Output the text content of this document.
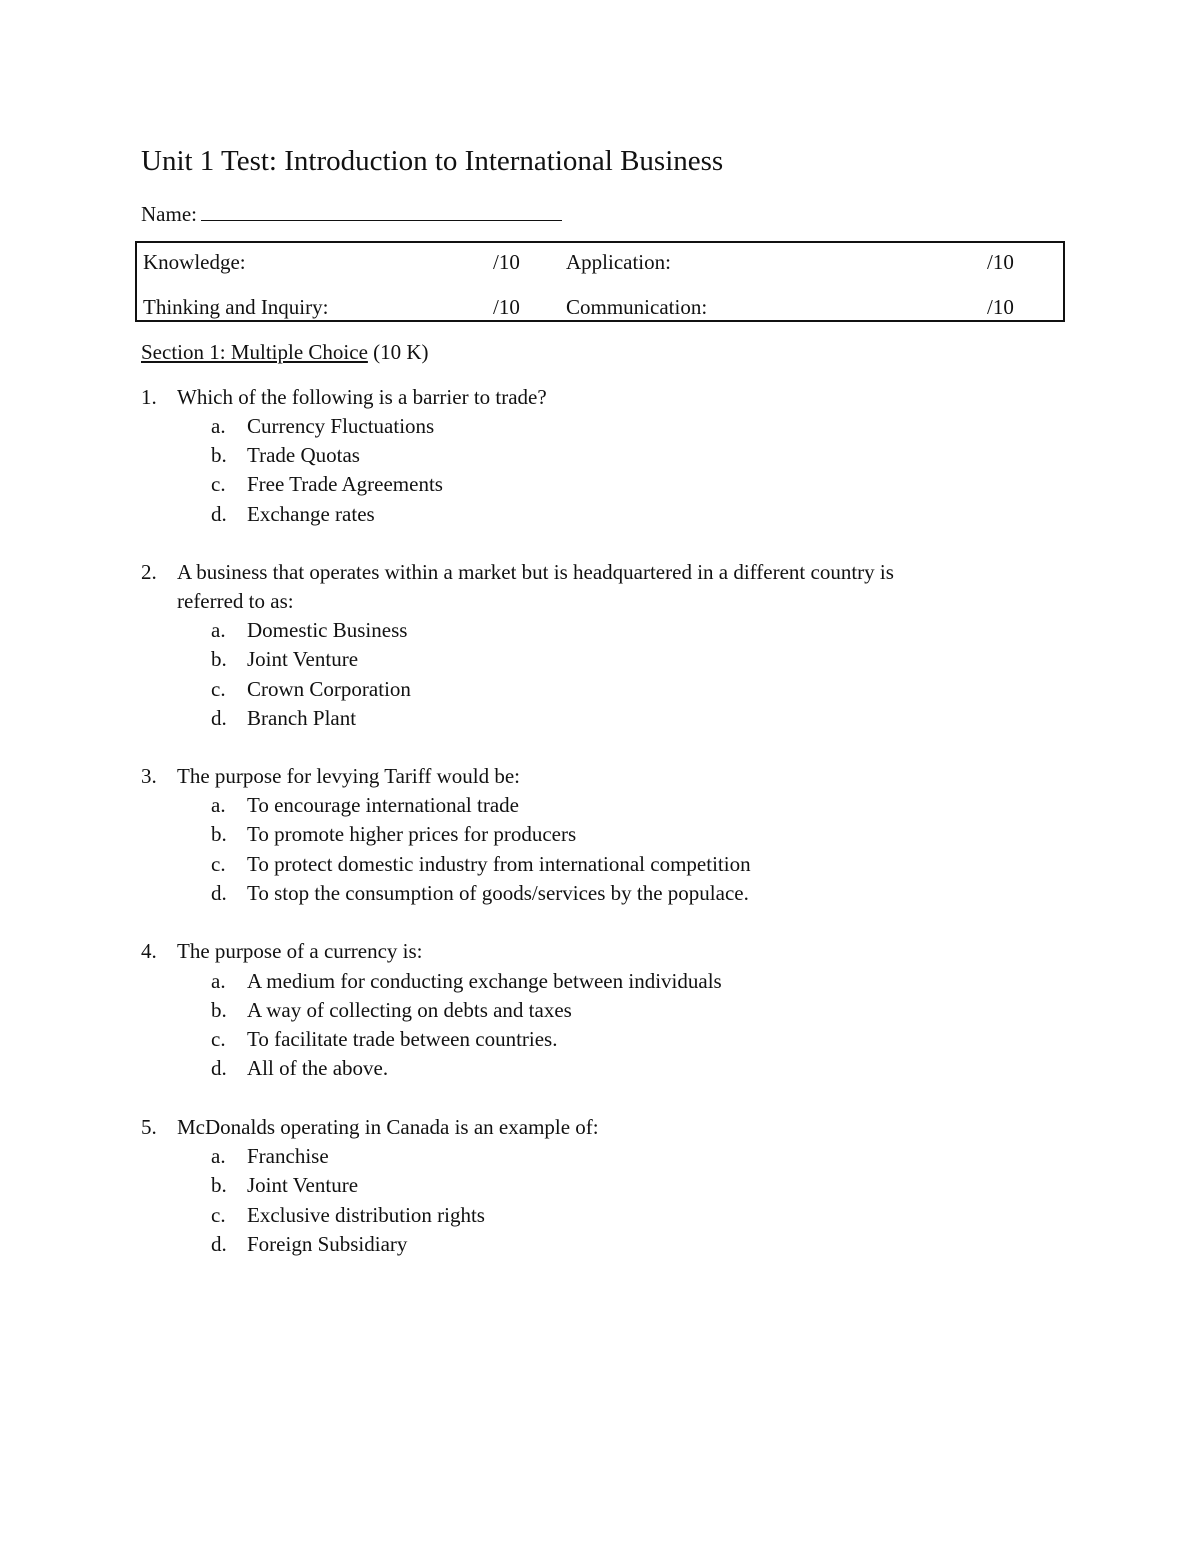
Unit 1 Test: Introduction to International Business
Name:
Knowledge:	/10 Application:	/10
Thinking and Inquiry:	/10 Communication:	/10
Section 1: Multiple Choice (10 K)
1. Which of the following is a barrier to trade?
a. Currency Fluctuations
b. Trade Quotas
c. Free Trade Agreements
d. Exchange rates
2. A business that operates within a market but is headquartered in a different country is
referred to as:
a. Domestic Business
b. Joint Venture
c. Crown Corporation
d. Branch Plant
3. The purpose for levying Tariff would be:
a. To encourage international trade
b. To promote higher prices for producers
c. To protect domestic industry from international competition
d. To stop the consumption of goods/services by the populace.
4. The purpose of a currency is:
a. A medium for conducting exchange between individuals
b. A way of collecting on debts and taxes
c. To facilitate trade between countries.
d. All of the above.
5. McDonalds operating in Canada is an example of:
a. Franchise
b. Joint Venture
c. Exclusive distribution rights
d. Foreign Subsidiary
